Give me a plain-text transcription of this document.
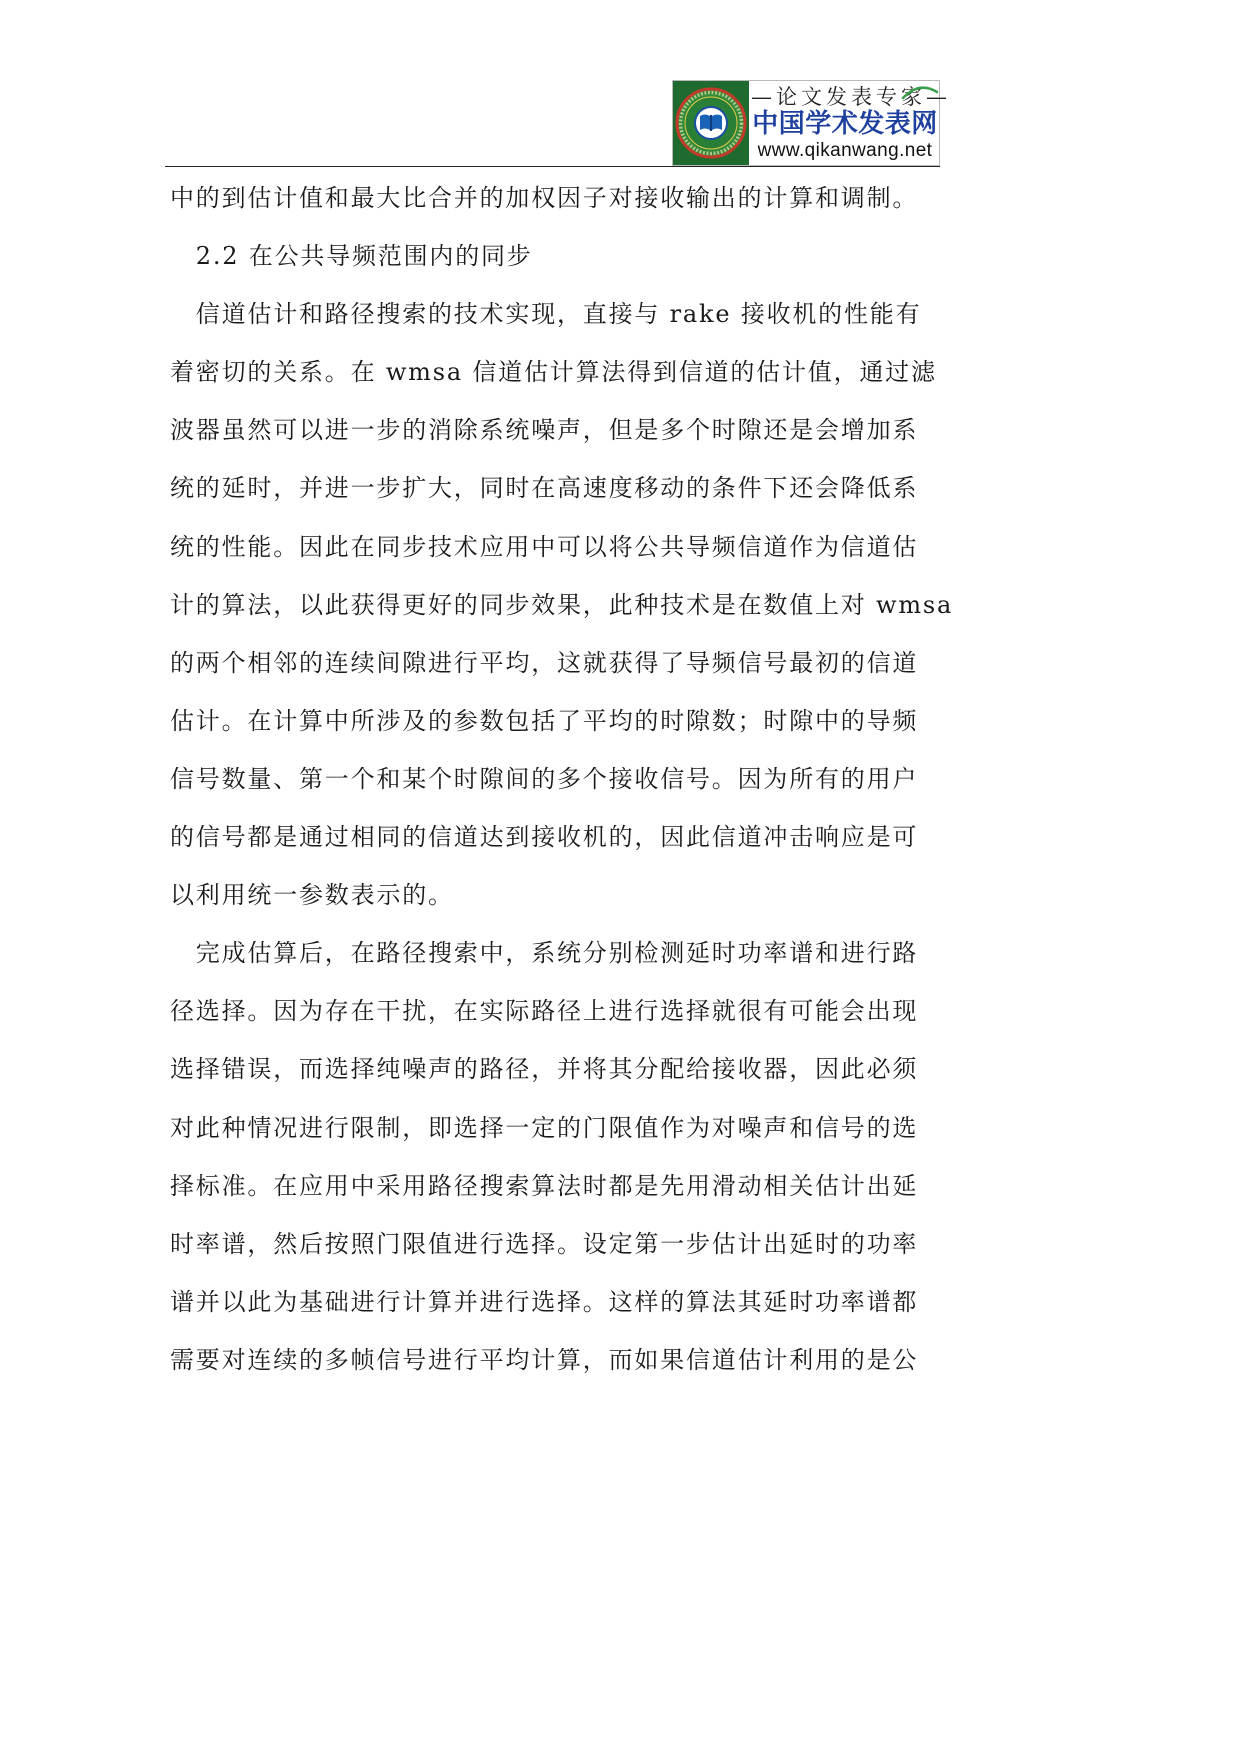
—论文发表专家—
中国学术发表网
www.qikanwang.net
中的到估计值和最大比合并的加权因子对接收输出的计算和调制。
2.2 在公共导频范围内的同步
信道估计和路径搜索的技术实现，直接与 rake 接收机的性能有
着密切的关系。在 wmsa 信道估计算法得到信道的估计值，通过滤
波器虽然可以进一步的消除系统噪声，但是多个时隙还是会增加系
统的延时，并进一步扩大，同时在高速度移动的条件下还会降低系
统的性能。因此在同步技术应用中可以将公共导频信道作为信道估
计的算法，以此获得更好的同步效果，此种技术是在数值上对 wmsa
的两个相邻的连续间隙进行平均，这就获得了导频信号最初的信道
估计。在计算中所涉及的参数包括了平均的时隙数；时隙中的导频
信号数量、第一个和某个时隙间的多个接收信号。因为所有的用户
的信号都是通过相同的信道达到接收机的，因此信道冲击响应是可
以利用统一参数表示的。
完成估算后，在路径搜索中，系统分别检测延时功率谱和进行路
径选择。因为存在干扰，在实际路径上进行选择就很有可能会出现
选择错误，而选择纯噪声的路径，并将其分配给接收器，因此必须
对此种情况进行限制，即选择一定的门限值作为对噪声和信号的选
择标准。在应用中采用路径搜索算法时都是先用滑动相关估计出延
时率谱，然后按照门限值进行选择。设定第一步估计出延时的功率
谱并以此为基础进行计算并进行选择。这样的算法其延时功率谱都
需要对连续的多帧信号进行平均计算，而如果信道估计利用的是公
